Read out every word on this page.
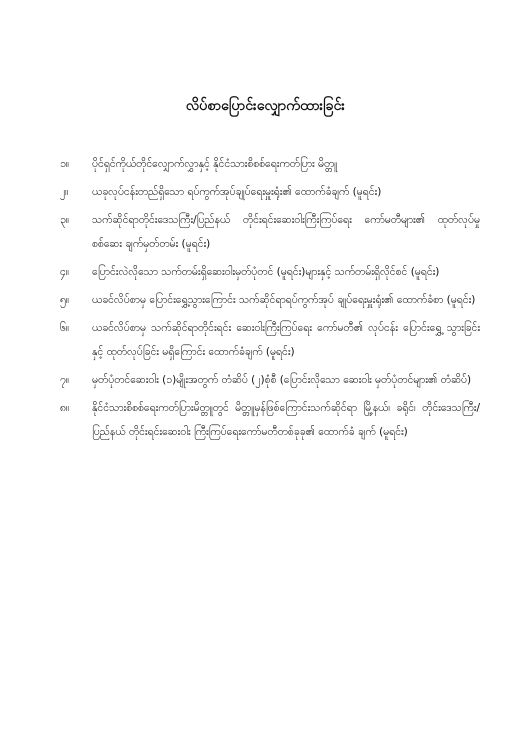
လိပ်စာပြောင်းလျှောက်ထားခြင်း
၁။	ပိုင်ရှင်ကိုယ်တိုင်လျှောက်လွှာနှင့် နိုင်ငံသားစိစစ်ရေးကတ်ပြား မိတ္တူ
၂။	ယခုလုပ်ငန်းတည်ရှိသော ရပ်ကွက်အုပ်ချုပ်ရေးမှူးရုံး၏ ထောက်ခံချက် (မူရင်း)
၃။	သက်ဆိုင်ရာတိုင်းဒေသကြီး/ပြည်နယ် တိုင်းရင်းဆေးဝါးကြီးကြပ်ရေး ကော်မတီများ၏ ထုတ်လုပ်မှုစစ်ဆေး ချက်မှတ်တမ်း (မူရင်း)
၄။	ပြောင်းလဲလိုသော သက်တမ်းရှိဆေးဝါးမှတ်ပုံတင် (မူရင်း)များနှင့် သက်တမ်းရှိလိုင်စင် (မူရင်း)
၅။	ယခင်လိပ်စာမှ ပြောင်းရွှေ့သွားကြောင်း သက်ဆိုင်ရာရပ်ကွက်အုပ် ချုပ်ရေးမှူးရုံး၏ ထောက်ခံစာ (မူရင်း)
၆။	ယခင်လိပ်စာမှ သက်ဆိုင်ရာတိုင်းရင်း ဆေးဝါးကြီးကြပ်ရေး ကော်မတီ၏ လုပ်ငန်း ပြောင်းရွှေ့ သွားခြင်းနှင့် ထုတ်လုပ်ခြင်း မရှိကြောင်း ထောက်ခံချက် (မူရင်း)
၇။	မှတ်ပုံတင်ဆေးဝါး (၁)မျိုးအတွက် တံဆိပ် (၂)စုံစီ (ပြောင်းလိုသော ဆေးဝါး မှတ်ပုံတင်များ၏ တံဆိပ်)
၈။	နိုင်ငံသားစိစစ်ရေးကတ်ပြားမိတ္တူတွင် မိတ္တူမှန်ဖြစ်ကြောင်းသက်ဆိုင်ရာ မြို့နယ်၊ ခရိုင်၊ တိုင်းဒေသကြီး/ပြည်နယ် တိုင်းရင်းဆေးဝါး ကြီးကြပ်ရေးကော်မတီတစ်ခုခု၏ ထောက်ခံ ချက် (မူရင်း)
